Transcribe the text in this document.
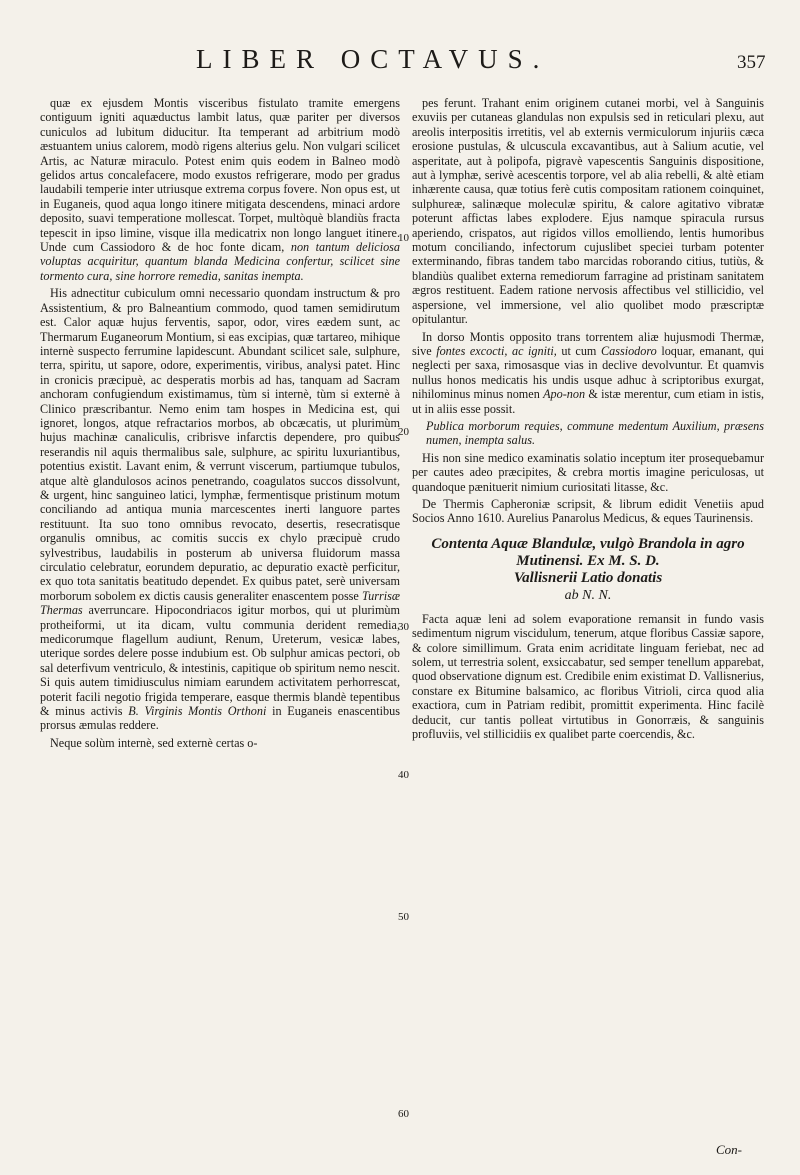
LIBER OCTAVUS.	357

quæ ex ejusdem Montis visceribus fistulato tramite emergens contiguum igniti aquæductus lambit latus, quæ pariter per diversos cuniculos ad lubitum diducitur. Ita temperant ad arbitrium modò æstuantem unius calorem, modò rigens alterius gelu. Non vulgari scilicet Artis, ac Naturæ miraculo. Potest enim quis eodem in Balneo modò gelidos artus concalefacere, modo exustos refrigerare, modo per gradus laudabili temperie inter utriusque extrema corpus fovere. Non opus est, ut in Euganeis, quod aqua longo itinere mitigata descendens, minaci ardore deposito, suavi temperatione mollescat. Torpet, multòquè blandiùs fracta tepescit in ipso limine, visque illa medicatrix non longo languet itinere. Unde cum Cassiodoro & de hoc fonte dicam, non tantum deliciosa voluptas acquiritur, quantum blanda Medicina confertur, scilicet sine tormento cura, sine horrore remedia, sanitas inempta.

His adnectitur cubiculum omni necessario quondam instructum & pro Assistentium, & pro Balneantium commodo, quod tamen semidirutum est. Calor aquæ hujus ferventis, sapor, odor, vires eædem sunt, ac Thermarum Euganeorum Montium, si eas excipias, quæ tartareo, mihique internè suspecto ferrumine lapidescunt. Abundant scilicet sale, sulphure, terra, spiritu, ut sapore, odore, experimentis, viribus, analysi patet. Hinc in cronicis præcipuè, ac desperatis morbis ad has, tanquam ad Sacram anchoram confugiendum existimamus, tùm si internè, tùm si externè à Clinico præscribantur. Nemo enim tam hospes in Medicina est, qui ignoret, longos, atque refractarios morbos, ab obcæcatis, ut plurimùm hujus machinæ canaliculis, cribrisve infarctis dependere, pro quibus reserandis nil aquis thermalibus sale, sulphure, ac spiritu luxuriantibus, potentius existit. Lavant enim, & verrunt viscerum, partiumque tubulos, atque altè glandulosos acinos penetrando, coagulatos succos dissolvunt, & urgent, hinc sanguineo latici, lymphæ, fermentisque pristinum motum conciliando ad antiqua munia marcescentes inerti languore partes restituunt. Ita suo tono omnibus revocato, desertis, resecratisque organulis omnibus, ac comitis succis ex chylo præcipuè crudo sylvestribus, laudabilis in posterum ab universa fluidorum massa circulatio celebratur, eorundem depuratio, ac depuratio exactè perficitur, ex quo tota sanitatis beatitudo dependet. Ex quibus patet, serè universam morborum sobolem ex dictis causis generaliter enascentem posse Turrisæ Thermas averruncare. Hipocondriacos igitur morbos, qui ut plurimùm protheiformi, ut ita dicam, vultu communia derident remedia, medicorumque flagellum audiunt, Renum, Ureterum, vesicæ labes, uterique sordes delere posse indubium est. Ob sulphur amicas pectori, ob sal deterfivum ventriculo, & intestinis, capitique ob spiritum nemo nescit. Si quis autem timidiusculus nimiam earundem activitatem perhorrescat, poterit facili negotio frigida temperare, easque thermis blandè tepentibus & minus activis B. Virginis Montis Orthoni in Euganeis enascentibus prorsus æmulas reddere.

Neque solùm internè, sed externè certas o-

10
20
30
40
50
60

pes ferunt. Trahant enim originem cutanei morbi, vel à Sanguinis exuviis per cutaneas glandulas non expulsis sed in reticulari plexu, aut areolis interpositis irretitis, vel ab externis vermiculorum injuriis cæca erosione pustulas, & ulcuscula excavantibus, aut à Salium acutie, vel asperitate, aut à polipofa, pigravè vapescentis Sanguinis dispositione, aut à lymphæ, serivè acescentis torpore, vel ab alia rebelli, & altè etiam inhærente causa, quæ totius ferè cutis compositam rationem coinquinet, sulphureæ, salinæque moleculæ spiritu, & calore agitativo vibratæ poterunt affictas labes explodere. Ejus namque spiracula rursus aperiendo, crispatos, aut rigidos villos emolliendo, lentis humoribus motum conciliando, infectorum cujuslibet speciei turbam potenter exterminando, fibras tandem tabo marcidas roborando citius, tutiùs, & blandiùs qualibet externa remediorum farragine ad pristinam sanitatem ægros restituent. Eadem ratione nervosis affectibus vel stillicidio, vel aspersione, vel immersione, vel alio quolibet modo præscriptæ opitulantur.

In dorso Montis opposito trans torrentem aliæ hujusmodi Thermæ, sive fontes excocti, ac igniti, ut cum Cassiodoro loquar, emanant, qui neglecti per saxa, rimosasque vias in declive devolvuntur. Et quamvis nullus honos medicatis his undis usque adhuc à scriptoribus exurgat, nihilominus minus nomen Apo-non & istæ merentur, cum etiam in istis, ut in aliis esse possit.

Publica morborum requies, commune medentum Auxilium, præsens numen, inempta salus.

His non sine medico examinatis solatio inceptum iter prosequebamur per cautes adeo præcipites, & crebra mortis imagine periculosas, ut quandoque pænituerit nimium curiositati litasse, &c.

De Thermis Capheroniæ scripsit, & librum edidit Venetiis apud Socios Anno 1610. Aurelius Panarolus Medicus, & eques Taurinensis.

Contenta Aquæ Blandulæ, vulgò Brandola in agro Mutinensi. Ex M. S. D.
Vallisnerii Latio donatis
ab N. N.

Facta aquæ leni ad solem evaporatione remansit in fundo vasis sedimentum nigrum viscidulum, tenerum, atque floribus Cassiæ sapore, & colore simillimum. Grata enim acriditate linguam feriebat, nec ad solem, ut terrestria solent, exsiccabatur, sed semper tenellum apparebat, quod observatione dignum est. Credibile enim existimat D. Vallisnerius, constare ex Bitumine balsamico, ac floribus Vitrioli, circa quod alia exactiora, cum in Patriam redibit, promittit experimenta. Hinc facilè deducit, cur tantis polleat virtutibus in Gonorræis, & sanguinis profluviis, vel stillicidiis ex qualibet parte coercendis, &c.

Con-
